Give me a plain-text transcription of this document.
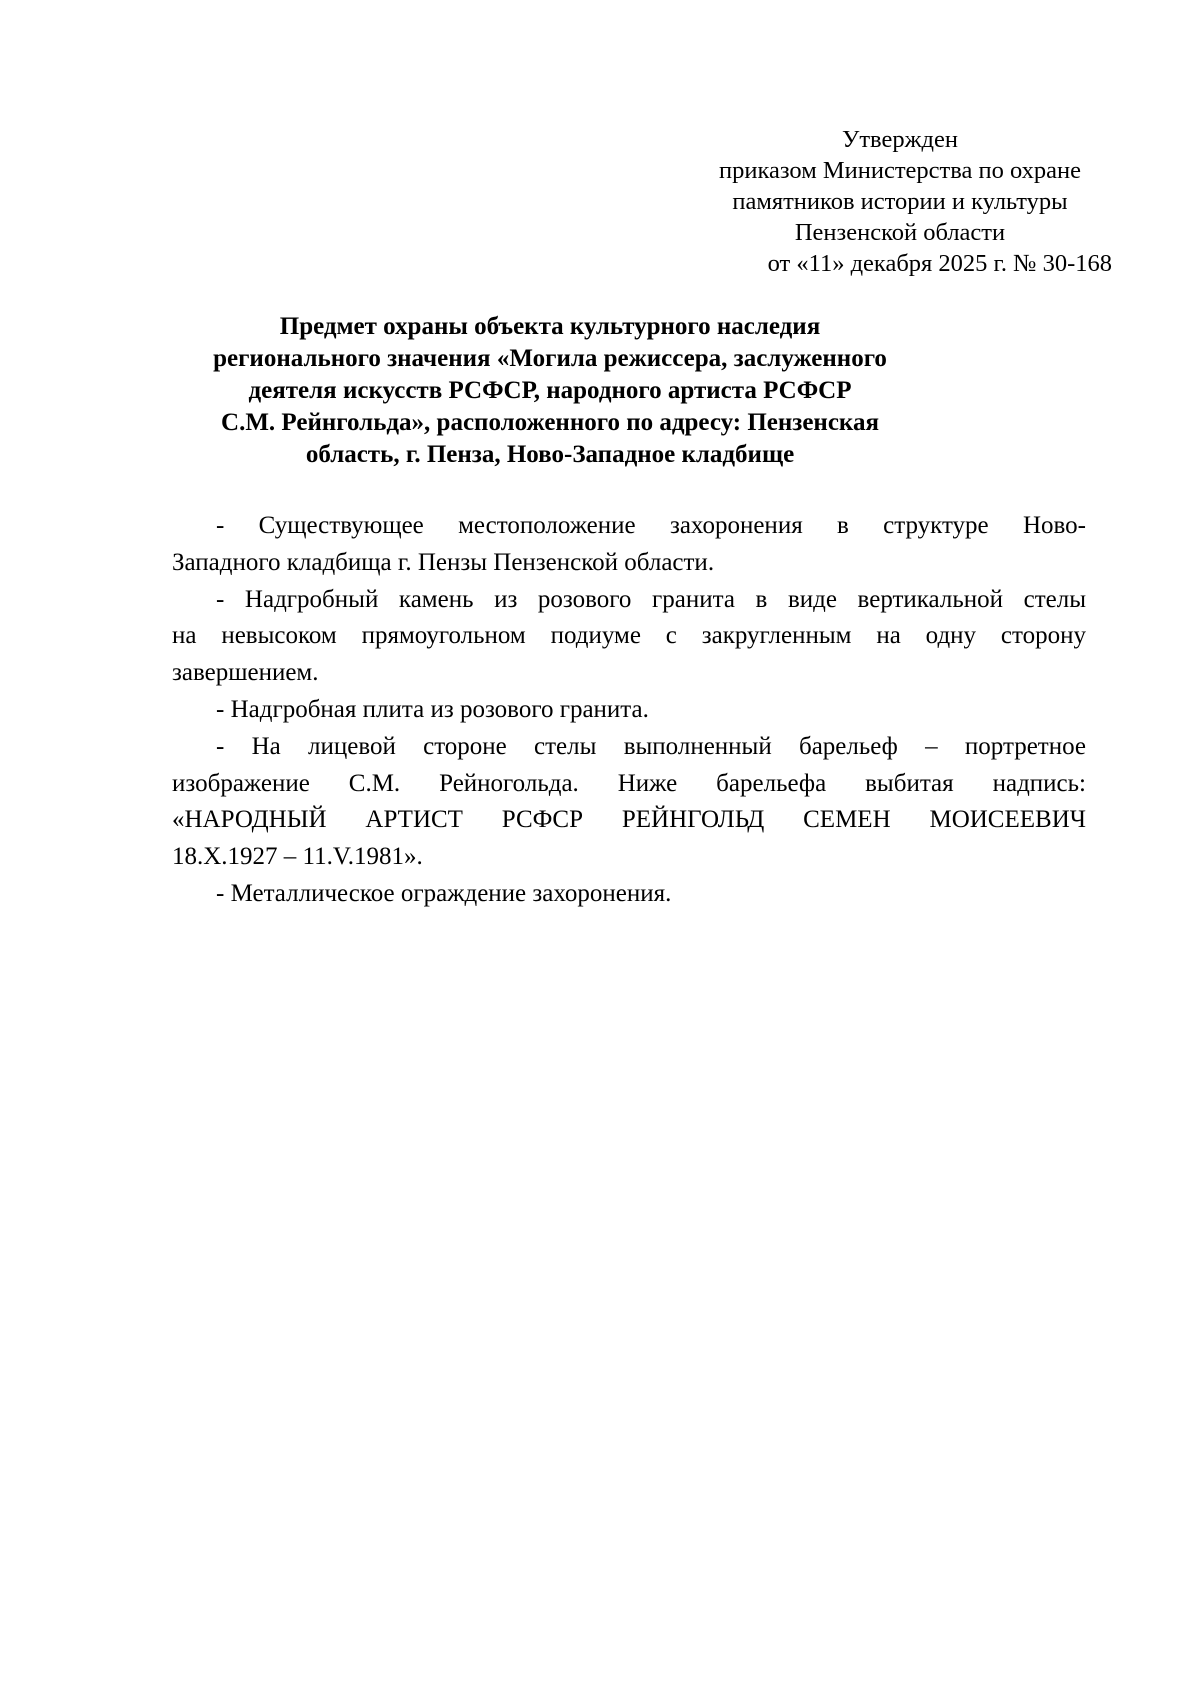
Утвержден
приказом Министерства по охране
памятников истории и культуры
Пензенской области
от «11» декабря 2025 г. № 30-168
Предмет охраны объекта культурного наследия
регионального значения «Могила режиссера, заслуженного
деятеля искусств РСФСР, народного артиста РСФСР
С.М. Рейнгольда», расположенного по адресу: Пензенская
область, г. Пенза, Ново-Западное кладбище
- Существующее местоположение захоронения в структуре Ново-
Западного кладбища г. Пензы Пензенской области.
- Надгробный камень из розового гранита в виде вертикальной стелы
на невысоком прямоугольном подиуме с закругленным на одну сторону
завершением.
- Надгробная плита из розового гранита.
- На лицевой стороне стелы выполненный барельеф – портретное
изображение С.М. Рейногольда. Ниже барельефа выбитая надпись:
«НАРОДНЫЙ АРТИСТ РСФСР РЕЙНГОЛЬД СЕМЕН МОИСЕЕВИЧ
18.X.1927 – 11.V.1981».
- Металлическое ограждение захоронения.
